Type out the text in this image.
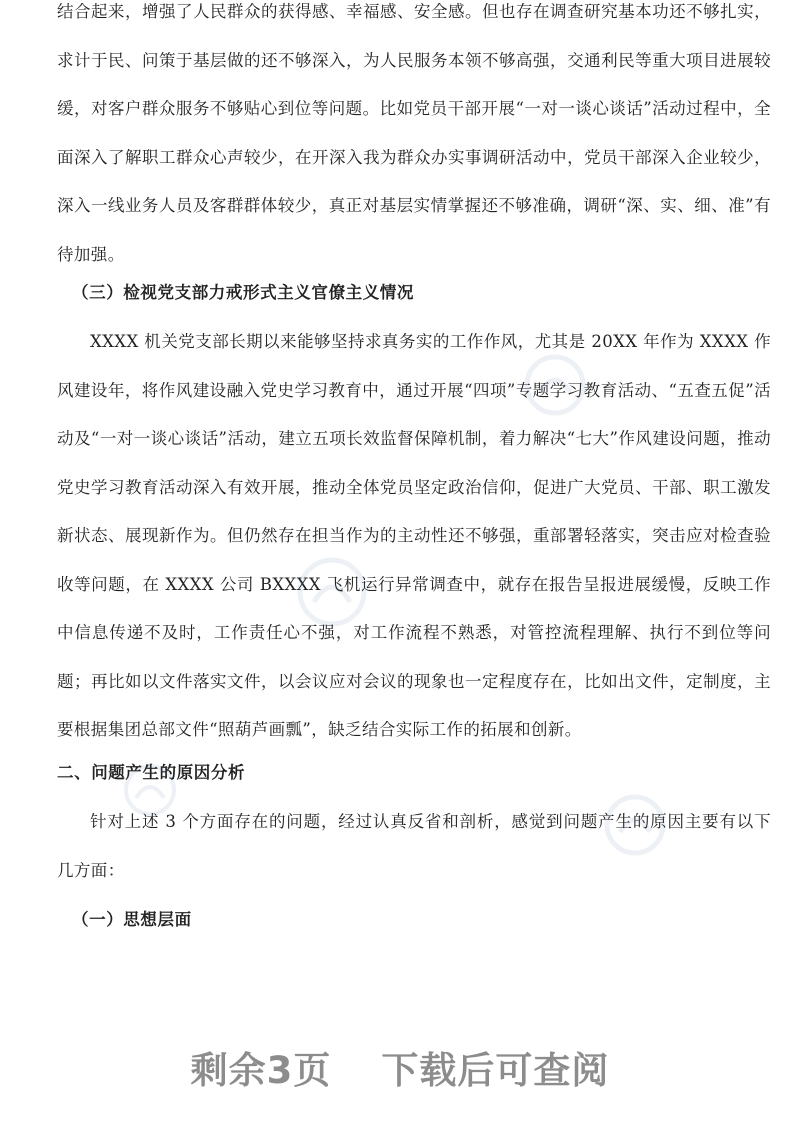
结合起来，增强了人民群众的获得感、幸福感、安全感。但也存在调查研究基本功还不够扎实，求计于民、问策于基层做的还不够深入，为人民服务本领不够高强，交通利民等重大项目进展较缓，对客户群众服务不够贴心到位等问题。比如党员干部开展“一对一谈心谈话”活动过程中，全面深入了解职工群众心声较少，在开深入我为群众办实事调研活动中，党员干部深入企业较少，深入一线业务人员及客群群体较少，真正对基层实情掌握还不够准确，调研“深、实、细、准”有待加强。

（三）检视党支部力戒形式主义官僚主义情况

XXXX 机关党支部长期以来能够坚持求真务实的工作作风，尤其是 20XX 年作为 XXXX 作风建设年，将作风建设融入党史学习教育中，通过开展“四项”专题学习教育活动、“五查五促”活动及“一对一谈心谈话”活动，建立五项长效监督保障机制，着力解决“七大”作风建设问题，推动党史学习教育活动深入有效开展，推动全体党员坚定政治信仰，促进广大党员、干部、职工激发新状态、展现新作为。但仍然存在担当作为的主动性还不够强，重部署轻落实，突击应对检查验收等问题，在 XXXX 公司 BXXXX 飞机运行异常调查中，就存在报告呈报进展缓慢，反映工作中信息传递不及时，工作责任心不强，对工作流程不熟悉，对管控流程理解、执行不到位等问题；再比如以文件落实文件，以会议应对会议的现象也一定程度存在，比如出文件，定制度，主要根据集团总部文件“照葫芦画瓢”，缺乏结合实际工作的拓展和创新。

二、问题产生的原因分析

针对上述 3 个方面存在的问题，经过认真反省和剖析，感觉到问题产生的原因主要有以下几方面：

（一）思想层面

剩余3页 下载后可查阅
